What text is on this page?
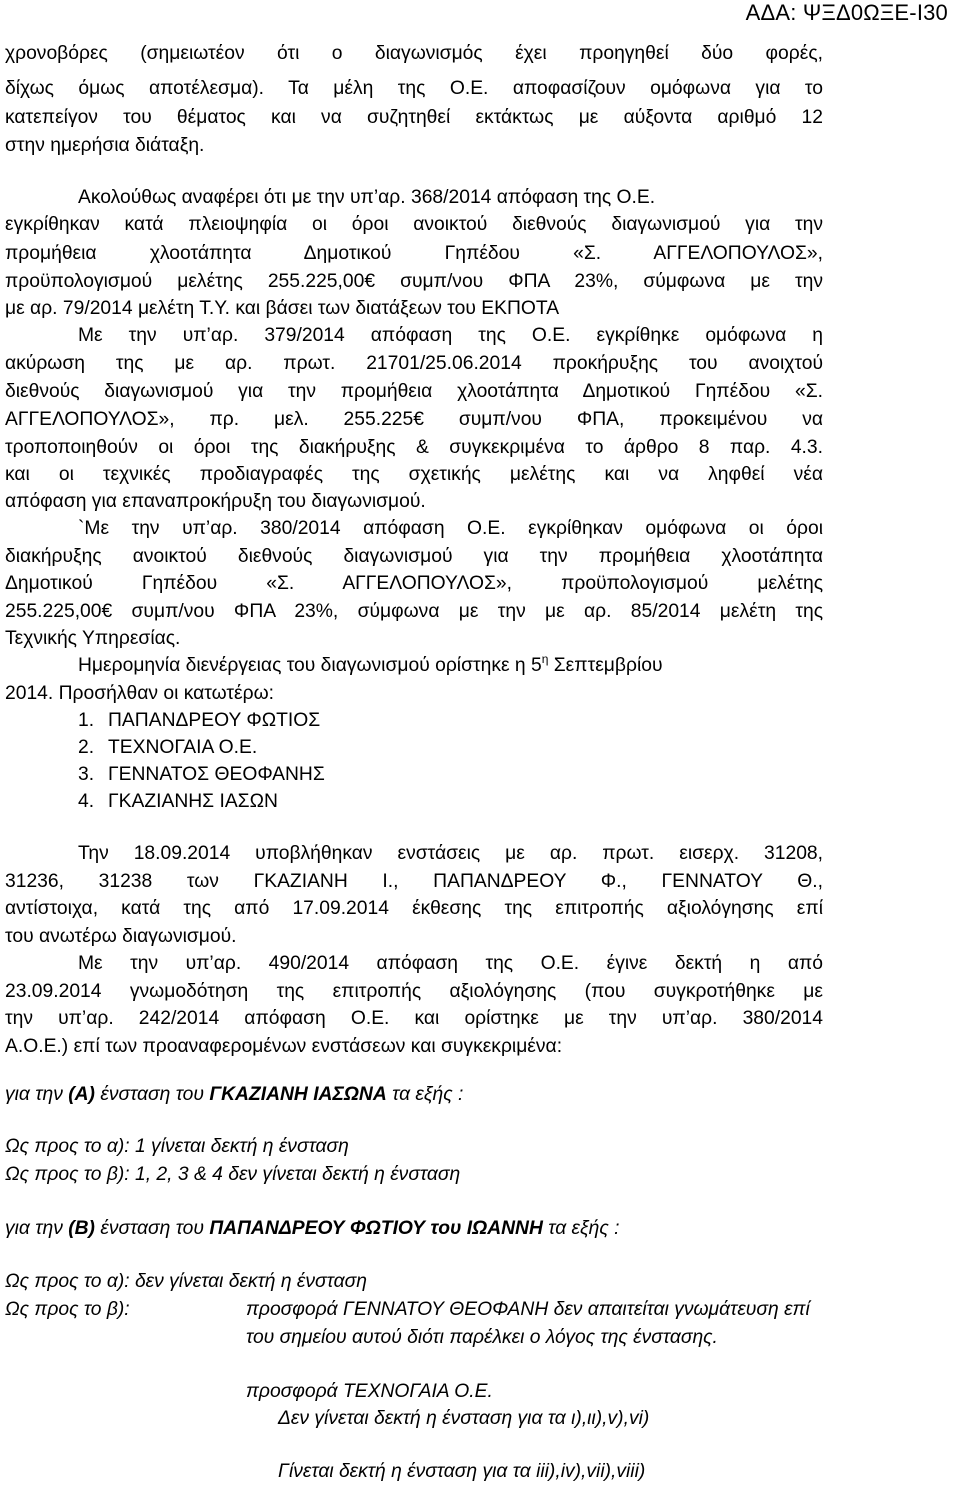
ΑΔΑ: ΨΞΔ0ΩΞΕ-Ι30
χρονοβόρες (σημειωτέον ότι ο διαγωνισμός έχει προηγηθεί δύο φορές,
δίχως όμως αποτέλεσμα). Τα μέλη της Ο.Ε. αποφασίζουν ομόφωνα για το
κατεπείγον του θέματος και να συζητηθεί εκτάκτως με αύξοντα αριθμό 12
στην ημερήσια διάταξη.
Ακολούθως αναφέρει ότι με την υπ’αρ. 368/2014 απόφαση της Ο.Ε.
εγκρίθηκαν κατά πλειοψηφία οι όροι ανοικτού διεθνούς διαγωνισμού για την
προμήθεια χλοοτάπητα Δημοτικού Γηπέδου «Σ. ΑΓΓΕΛΟΠΟΥΛΟΣ»,
προϋπολογισμού μελέτης 255.225,00€ συμπ/νου ΦΠΑ 23%, σύμφωνα με την
με αρ. 79/2014 μελέτη Τ.Υ. και βάσει των διατάξεων του ΕΚΠΟΤΑ
Με την υπ’αρ. 379/2014 απόφαση της Ο.Ε. εγκρίθηκε ομόφωνα η
ακύρωση της με αρ. πρωτ. 21701/25.06.2014 προκήρυξης του ανοιχτού
διεθνούς διαγωνισμού για την προμήθεια χλοοτάπητα Δημοτικού Γηπέδου «Σ.
ΑΓΓΕΛΟΠΟΥΛΟΣ», πρ. μελ. 255.225€ συμπ/νου ΦΠΑ, προκειμένου να
τροποποιηθούν οι όροι της διακήρυξης & συγκεκριμένα το άρθρο 8 παρ. 4.3.
και οι τεχνικές προδιαγραφές της σχετικής μελέτης και να ληφθεί νέα
απόφαση για επαναπροκήρυξη του διαγωνισμού.
`Με την υπ’αρ. 380/2014 απόφαση Ο.Ε. εγκρίθηκαν ομόφωνα οι όροι
διακήρυξης ανοικτού διεθνούς διαγωνισμού για την προμήθεια χλοοτάπητα
Δημοτικού Γηπέδου «Σ. ΑΓΓΕΛΟΠΟΥΛΟΣ», προϋπολογισμού μελέτης
255.225,00€ συμπ/νου ΦΠΑ 23%, σύμφωνα με την με αρ. 85/2014 μελέτη της
Τεχνικής Υπηρεσίας.
Ημερομηνία διενέργειας του διαγωνισμού ορίστηκε η $5^\eta$ Σεπτεμβρίου
2014. Προσήλθαν οι κατωτέρω:
1. ΠΑΠΑΝΔΡΕΟΥ ΦΩΤΙΟΣ
2. ΤΕΧΝΟΓΑΙΑ Ο.Ε.
3. ΓΕΝΝΑΤΟΣ ΘΕΟΦΑΝΗΣ
4. ΓΚΑΖΙΑΝΗΣ ΙΑΣΩΝ
Την 18.09.2014 υποβλήθηκαν ενστάσεις με αρ. πρωτ. εισερχ. 31208,
31236, 31238 των ΓΚΑΖΙΑΝΗ Ι., ΠΑΠΑΝΔΡΕΟΥ Φ., ΓΕΝΝΑΤΟΥ Θ.,
αντίστοιχα, κατά της από 17.09.2014 έκθεσης της επιτροπής αξιολόγησης επί
του ανωτέρω διαγωνισμού.
Με την υπ’αρ. 490/2014 απόφαση της Ο.Ε. έγινε δεκτή η από
23.09.2014 γνωμοδότηση της επιτροπής αξιολόγησης (που συγκροτήθηκε με
την υπ’αρ. 242/2014 απόφαση Ο.Ε. και ορίστηκε με την υπ’αρ. 380/2014
Α.Ο.Ε.) επί των προαναφερομένων ενστάσεων και συγκεκριμένα:
για την (Α) ένσταση του ΓΚΑΖΙΑΝΗ ΙΑΣΩΝΑ τα εξής :
Ως προς το α): 1 γίνεται δεκτή η ένσταση
Ως προς το β): 1, 2, 3 & 4 δεν γίνεται δεκτή η ένσταση
για την (Β) ένσταση του ΠΑΠΑΝΔΡΕΟΥ ΦΩΤΙΟΥ του ΙΩΑΝΝΗ τα εξής :
Ως προς το α): δεν γίνεται δεκτή η ένσταση
Ως προς το β):	προσφορά ΓΕΝΝΑΤΟΥ ΘΕΟΦΑΝΗ δεν απαιτείται γνωμάτευση επί
του σημείου αυτού διότι παρέλκει ο λόγος της ένστασης.
προσφορά ΤΕΧΝΟΓΑΙΑ Ο.Ε.
Δεν γίνεται δεκτή η ένσταση για τα ι),ιι),v),vi)
Γίνεται δεκτή η ένσταση για τα iii),iv),vii),viii)
